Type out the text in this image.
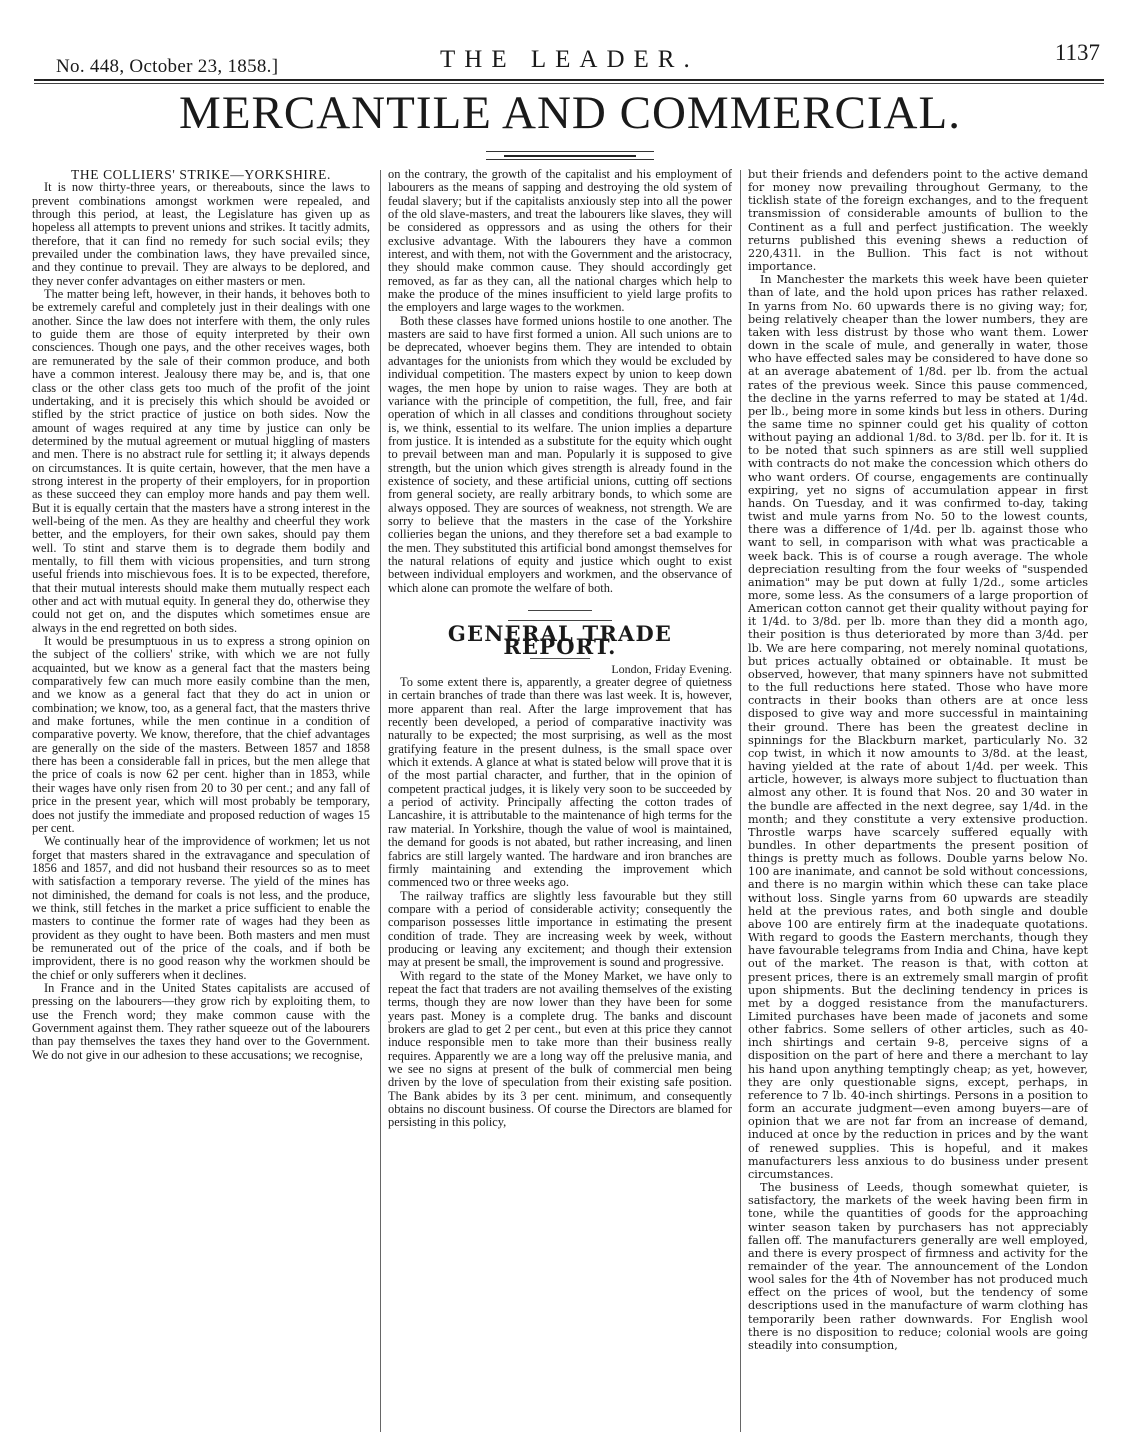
No. 448, October 23, 1858.]	THE LEADER.	1137
MERCANTILE AND COMMERCIAL.

THE COLLIERS' STRIKE—YORKSHIRE.

It is now thirty-three years, or thereabouts, since the laws to prevent combinations amongst workmen were repealed, and through this period, at least, the Legislature has given up as hopeless all attempts to prevent unions and strikes. It tacitly admits, therefore, that it can find no remedy for such social evils; they prevailed under the combination laws, they have prevailed since, and they continue to prevail. They are always to be deplored, and they never confer advantages on either masters or men.

The matter being left, however, in their hands, it behoves both to be extremely careful and completely just in their dealings with one another. Since the law does not interfere with them, the only rules to guide them are those of equity interpreted by their own consciences. Though one pays, and the other receives wages, both are remunerated by the sale of their common produce, and both have a common interest. Jealousy there may be, and is, that one class or the other class gets too much of the profit of the joint undertaking, and it is precisely this which should be avoided or stifled by the strict practice of justice on both sides. Now the amount of wages required at any time by justice can only be determined by the mutual agreement or mutual higgling of masters and men. There is no abstract rule for settling it; it always depends on circumstances. It is quite certain, however, that the men have a strong interest in the property of their employers, for in proportion as these succeed they can employ more hands and pay them well. But it is equally certain that the masters have a strong interest in the well-being of the men. As they are healthy and cheerful they work better, and the employers, for their own sakes, should pay them well. To stint and starve them is to degrade them bodily and mentally, to fill them with vicious propensities, and turn strong useful friends into mischievous foes. It is to be expected, therefore, that their mutual interests should make them mutually respect each other and act with mutual equity. In general they do, otherwise they could not get on, and the disputes which sometimes ensue are always in the end regretted on both sides.

It would be presumptuous in us to express a strong opinion on the subject of the colliers' strike, with which we are not fully acquainted, but we know as a general fact that the masters being comparatively few can much more easily combine than the men, and we know as a general fact that they do act in union or combination; we know, too, as a general fact, that the masters thrive and make fortunes, while the men continue in a condition of comparative poverty. We know, therefore, that the chief advantages are generally on the side of the masters. Between 1857 and 1858 there has been a considerable fall in prices, but the men allege that the price of coals is now 62 per cent. higher than in 1853, while their wages have only risen from 20 to 30 per cent.; and any fall of price in the present year, which will most probably be temporary, does not justify the immediate and proposed reduction of wages 15 per cent.

We continually hear of the improvidence of workmen; let us not forget that masters shared in the extravagance and speculation of 1856 and 1857, and did not husband their resources so as to meet with satisfaction a temporary reverse. The yield of the mines has not diminished, the demand for coals is not less, and the produce, we think, still fetches in the market a price sufficient to enable the masters to continue the former rate of wages had they been as provident as they ought to have been. Both masters and men must be remunerated out of the price of the coals, and if both be improvident, there is no good reason why the workmen should be the chief or only sufferers when it declines.

In France and in the United States capitalists are accused of pressing on the labourers—they grow rich by exploiting them, to use the French word; they make common cause with the Government against them. They rather squeeze out of the labourers than pay themselves the taxes they hand over to the Government. We do not give in our adhesion to these accusations; we recognise,

on the contrary, the growth of the capitalist and his employment of labourers as the means of sapping and destroying the old system of feudal slavery; but if the capitalists anxiously step into all the power of the old slave-masters, and treat the labourers like slaves, they will be considered as oppressors and as using the others for their exclusive advantage. With the labourers they have a common interest, and with them, not with the Government and the aristocracy, they should make common cause. They should accordingly get removed, as far as they can, all the national charges which help to make the produce of the mines insufficient to yield large profits to the employers and large wages to the workmen.

Both these classes have formed unions hostile to one another. The masters are said to have first formed a union. All such unions are to be deprecated, whoever begins them. They are intended to obtain advantages for the unionists from which they would be excluded by individual competition. The masters expect by union to keep down wages, the men hope by union to raise wages. They are both at variance with the principle of competition, the full, free, and fair operation of which in all classes and conditions throughout society is, we think, essential to its welfare. The union implies a departure from justice. It is intended as a substitute for the equity which ought to prevail between man and man. Popularly it is supposed to give strength, but the union which gives strength is already found in the existence of society, and these artificial unions, cutting off sections from general society, are really arbitrary bonds, to which some are always opposed. They are sources of weakness, not strength. We are sorry to believe that the masters in the case of the Yorkshire collieries began the unions, and they therefore set a bad example to the men. They substituted this artificial bond amongst themselves for the natural relations of equity and justice which ought to exist between individual employers and workmen, and the observance of which alone can promote the welfare of both.

GENERAL TRADE REPORT.

London, Friday Evening.

To some extent there is, apparently, a greater degree of quietness in certain branches of trade than there was last week. It is, however, more apparent than real. After the large improvement that has recently been developed, a period of comparative inactivity was naturally to be expected; the most surprising, as well as the most gratifying feature in the present dulness, is the small space over which it extends. A glance at what is stated below will prove that it is of the most partial character, and further, that in the opinion of competent practical judges, it is likely very soon to be succeeded by a period of activity. Principally affecting the cotton trades of Lancashire, it is attributable to the maintenance of high terms for the raw material. In Yorkshire, though the value of wool is maintained, the demand for goods is not abated, but rather increasing, and linen fabrics are still largely wanted. The hardware and iron branches are firmly maintaining and extending the improvement which commenced two or three weeks ago.

The railway traffics are slightly less favourable but they still compare with a period of considerable activity; consequently the comparison possesses little importance in estimating the present condition of trade. They are increasing week by week, without producing or leaving any excitement; and though their extension may at present be small, the improvement is sound and progressive.

With regard to the state of the Money Market, we have only to repeat the fact that traders are not availing themselves of the existing terms, though they are now lower than they have been for some years past. Money is a complete drug. The banks and discount brokers are glad to get 2 per cent., but even at this price they cannot induce responsible men to take more than their business really requires. Apparently we are a long way off the prelusive mania, and we see no signs at present of the bulk of commercial men being driven by the love of speculation from their existing safe position. The Bank abides by its 3 per cent. minimum, and consequently obtains no discount business. Of course the Directors are blamed for persisting in this policy,

but their friends and defenders point to the active demand for money now prevailing throughout Germany, to the ticklish state of the foreign exchanges, and to the frequent transmission of considerable amounts of bullion to the Continent as a full and perfect justification. The weekly returns published this evening shews a reduction of 220,431l. in the Bullion. This fact is not without importance.

In Manchester the markets this week have been quieter than of late, and the hold upon prices has rather relaxed. In yarns from No. 60 upwards there is no giving way; for, being relatively cheaper than the lower numbers, they are taken with less distrust by those who want them. Lower down in the scale of mule, and generally in water, those who have effected sales may be considered to have done so at an average abatement of 1/8d. per lb. from the actual rates of the previous week. Since this pause commenced, the decline in the yarns referred to may be stated at 1/4d. per lb., being more in some kinds but less in others. During the same time no spinner could get his quality of cotton without paying an addional 1/8d. to 3/8d. per lb. for it. It is to be noted that such spinners as are still well supplied with contracts do not make the concession which others do who want orders. Of course, engagements are continually expiring, yet no signs of accumulation appear in first hands. On Tuesday, and it was confirmed to-day, taking twist and mule yarns from No. 50 to the lowest counts, there was a difference of 1/4d. per lb. against those who want to sell, in comparison with what was practicable a week back. This is of course a rough average. The whole depreciation resulting from the four weeks of "suspended animation" may be put down at fully 1/2d., some articles more, some less. As the consumers of a large proportion of American cotton cannot get their quality without paying for it 1/4d. to 3/8d. per lb. more than they did a month ago, their position is thus deteriorated by more than 3/4d. per lb. We are here comparing, not merely nominal quotations, but prices actually obtained or obtainable. It must be observed, however, that many spinners have not submitted to the full reductions here stated. Those who have more contracts in their books than others are at once less disposed to give way and more successful in maintaining their ground. There has been the greatest decline in spinnings for the Blackburn market, particularly No. 32 cop twist, in which it now amounts to 3/8d. at the least, having yielded at the rate of about 1/4d. per week. This article, however, is always more subject to fluctuation than almost any other. It is found that Nos. 20 and 30 water in the bundle are affected in the next degree, say 1/4d. in the month; and they constitute a very extensive production. Throstle warps have scarcely suffered equally with bundles. In other departments the present position of things is pretty much as follows. Double yarns below No. 100 are inanimate, and cannot be sold without concessions, and there is no margin within which these can take place without loss. Single yarns from 60 upwards are steadily held at the previous rates, and both single and double above 100 are entirely firm at the inadequate quotations. With regard to goods the Eastern merchants, though they have favourable telegrams from India and China, have kept out of the market. The reason is that, with cotton at present prices, there is an extremely small margin of profit upon shipments. But the declining tendency in prices is met by a dogged resistance from the manufacturers. Limited purchases have been made of jaconets and some other fabrics. Some sellers of other articles, such as 40-inch shirtings and certain 9-8, perceive signs of a disposition on the part of here and there a merchant to lay his hand upon anything temptingly cheap; as yet, however, they are only questionable signs, except, perhaps, in reference to 7 lb. 40-inch shirtings. Persons in a position to form an accurate judgment—even among buyers—are of opinion that we are not far from an increase of demand, induced at once by the reduction in prices and by the want of renewed supplies. This is hopeful, and it makes manufacturers less anxious to do business under present circumstances.

The business of Leeds, though somewhat quieter, is satisfactory, the markets of the week having been firm in tone, while the quantities of goods for the approaching winter season taken by purchasers has not appreciably fallen off. The manufacturers generally are well employed, and there is every prospect of firmness and activity for the remainder of the year. The announcement of the London wool sales for the 4th of November has not produced much effect on the prices of wool, but the tendency of some descriptions used in the manufacture of warm clothing has temporarily been rather downwards. For English wool there is no disposition to reduce; colonial wools are going steadily into consumption,
